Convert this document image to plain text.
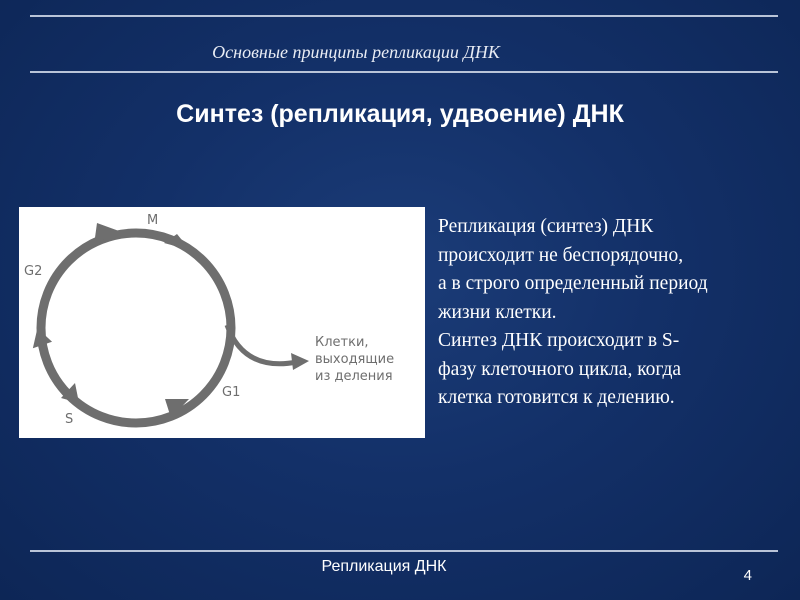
Основные принципы репликации ДНК
Синтез (репликация, удвоение) ДНК
M
G2
S
G1
Клетки,
выходящие
из деления

Репликация (синтез) ДНК

происходит не беспорядочно,

а в строго определенный период

жизни клетки.

Синтез ДНК происходит в S-

фазу клеточного цикла, когда

клетка готовится к делению.

Репликация ДНК
4
